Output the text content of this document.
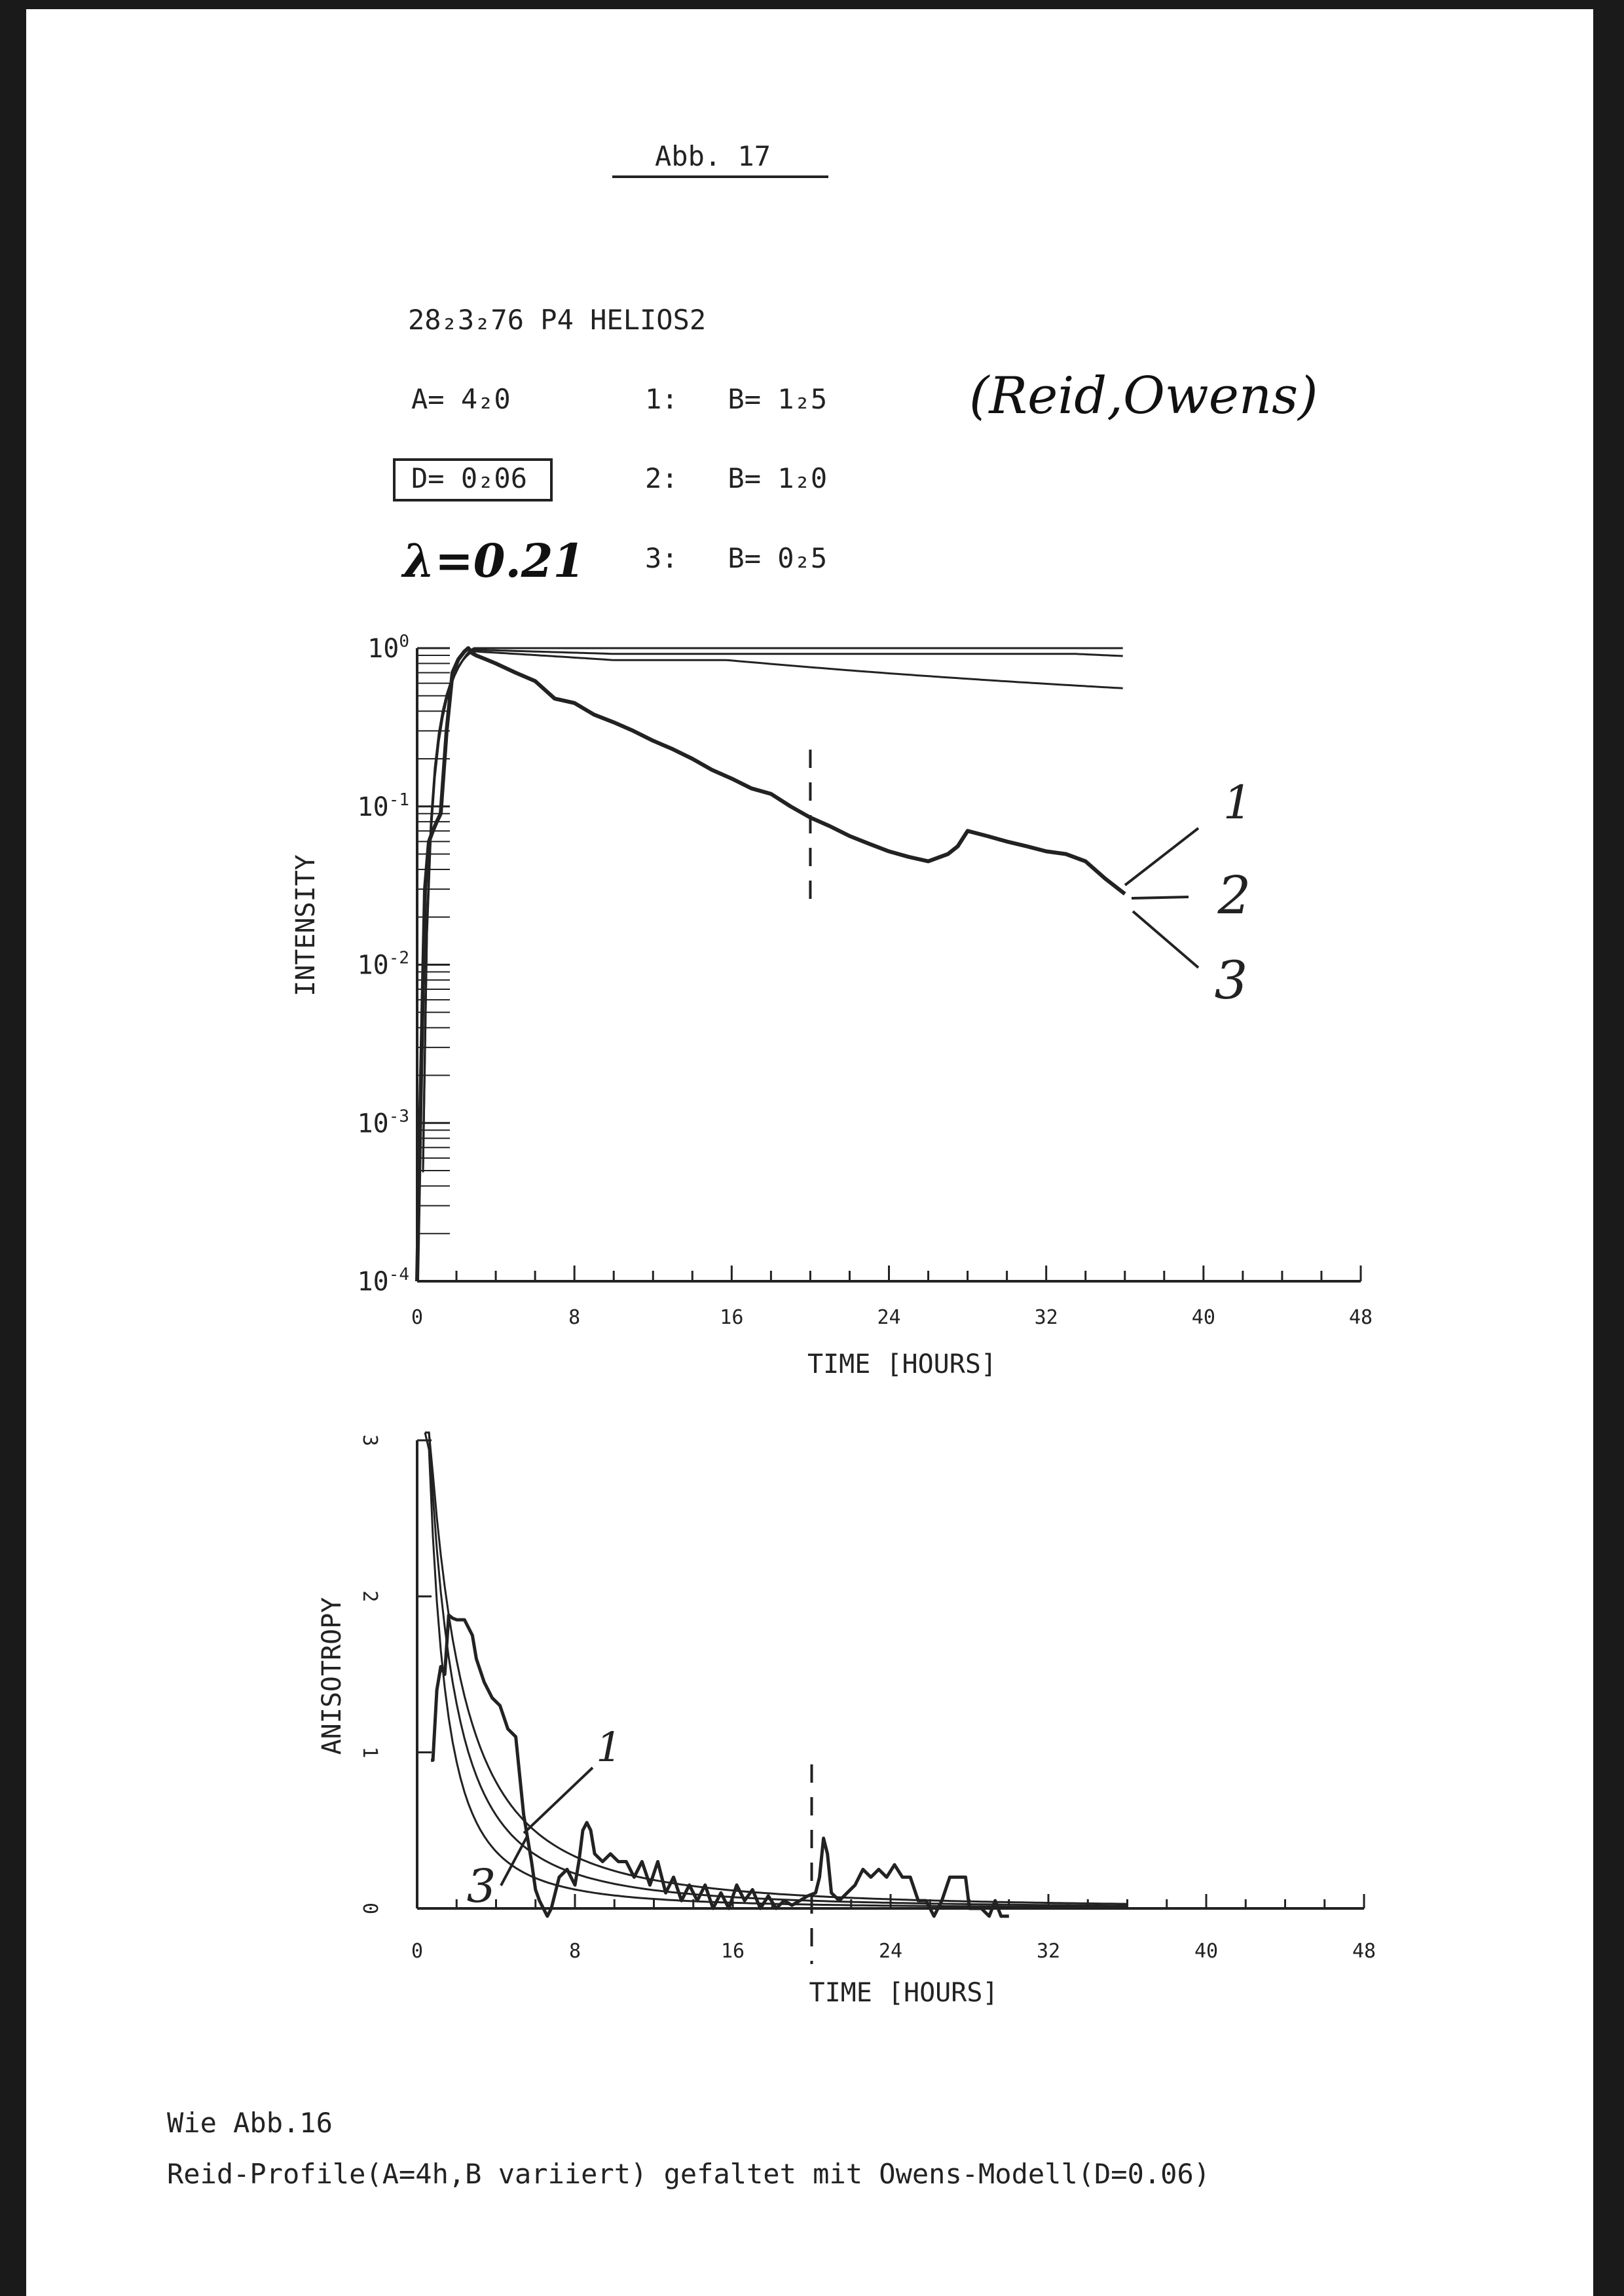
Abb. 17
28₂3₂76 P4 HELIOS2
A= 4₂0
D= 0₂06
1:   B= 1₂5
2:   B= 1₂0
3:   B= 0₂5
(Reid,Owens)
λ=0.21
0	8	16	24	32	40	48
$10^0$
$10^{-1}$
$10^{-2}$
$10^{-3}$
$10^{-4}$
TIME [HOURS]
INTENSITY
1
2
3
0	8	16	24	32	40	48
0
1
2
3
TIME [HOURS]
ANISOTROPY	1
3
Wie Abb.16
Reid-Profile(A=4h,B variiert) gefaltet mit Owens-Modell(D=0.06)
